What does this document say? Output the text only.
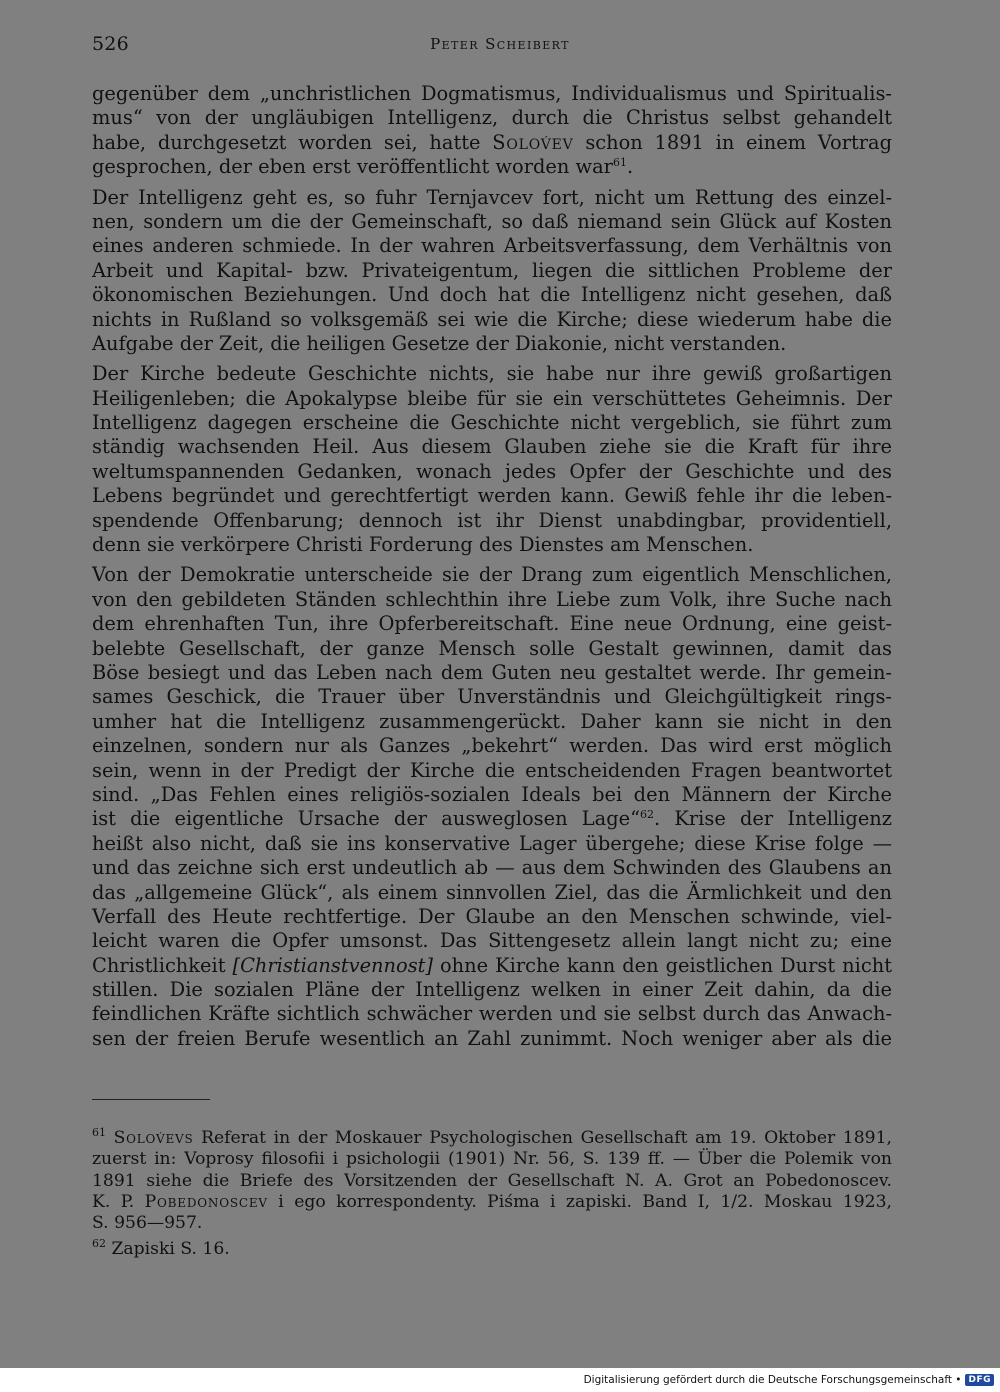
526	Peter Scheibert
gegenüber dem „unchristlichen Dogmatismus, Individualismus und Spiritualis-
mus“ von der ungläubigen Intelligenz, durch die Christus selbst gehandelt
habe, durchgesetzt worden sei, hatte Solov́ev schon 1891 in einem Vortrag
gesprochen, der eben erst veröffentlicht worden war$^{61}$.
Der Intelligenz geht es, so fuhr Ternjavcev fort, nicht um Rettung des einzel-
nen, sondern um die der Gemeinschaft, so daß niemand sein Glück auf Kosten
eines anderen schmiede. In der wahren Arbeitsverfassung, dem Verhältnis von
Arbeit und Kapital- bzw. Privateigentum, liegen die sittlichen Probleme der
ökonomischen Beziehungen. Und doch hat die Intelligenz nicht gesehen, daß
nichts in Rußland so volksgemäß sei wie die Kirche; diese wiederum habe die
Aufgabe der Zeit, die heiligen Gesetze der Diakonie, nicht verstanden.
Der Kirche bedeute Geschichte nichts, sie habe nur ihre gewiß großartigen
Heiligenleben; die Apokalypse bleibe für sie ein verschüttetes Geheimnis. Der
Intelligenz dagegen erscheine die Geschichte nicht vergeblich, sie führt zum
ständig wachsenden Heil. Aus diesem Glauben ziehe sie die Kraft für ihre
weltumspannenden Gedanken, wonach jedes Opfer der Geschichte und des
Lebens begründet und gerechtfertigt werden kann. Gewiß fehle ihr die leben-
spendende Offenbarung; dennoch ist ihr Dienst unabdingbar, providentiell,
denn sie verkörpere Christi Forderung des Dienstes am Menschen.
Von der Demokratie unterscheide sie der Drang zum eigentlich Menschlichen,
von den gebildeten Ständen schlechthin ihre Liebe zum Volk, ihre Suche nach
dem ehrenhaften Tun, ihre Opferbereitschaft. Eine neue Ordnung, eine geist-
belebte Gesellschaft, der ganze Mensch solle Gestalt gewinnen, damit das
Böse besiegt und das Leben nach dem Guten neu gestaltet werde. Ihr gemein-
sames Geschick, die Trauer über Unverständnis und Gleichgültigkeit rings-
umher hat die Intelligenz zusammengerückt. Daher kann sie nicht in den
einzelnen, sondern nur als Ganzes „bekehrt“ werden. Das wird erst möglich
sein, wenn in der Predigt der Kirche die entscheidenden Fragen beantwortet
sind. „Das Fehlen eines religiös-sozialen Ideals bei den Männern der Kirche
ist die eigentliche Ursache der ausweglosen Lage“$^{62}$. Krise der Intelligenz
heißt also nicht, daß sie ins konservative Lager übergehe; diese Krise folge —
und das zeichne sich erst undeutlich ab — aus dem Schwinden des Glaubens an
das „allgemeine Glück“, als einem sinnvollen Ziel, das die Ärmlichkeit und den
Verfall des Heute rechtfertige. Der Glaube an den Menschen schwinde, viel-
leicht waren die Opfer umsonst. Das Sittengesetz allein langt nicht zu; eine
Christlichkeit [Christianstvennost] ohne Kirche kann den geistlichen Durst nicht
stillen. Die sozialen Pläne der Intelligenz welken in einer Zeit dahin, da die
feindlichen Kräfte sichtlich schwächer werden und sie selbst durch das Anwach-
sen der freien Berufe wesentlich an Zahl zunimmt. Noch weniger aber als die
$^{61}$ Solov́evs Referat in der Moskauer Psychologischen Gesellschaft am 19. Oktober 1891,
zuerst in: Voprosy filosofii i psichologii (1901) Nr. 56, S. 139 ff. — Über die Polemik von
1891 siehe die Briefe des Vorsitzenden der Gesellschaft N. A. Grot an Pobedonoscev.
K. P. Pobedonoscev i ego korrespondenty. Piśma i zapiski. Band I, 1/2. Moskau 1923,
S. 956—957.
$^{62}$ Zapiski S. 16.
Digitalisierung gefördert durch die Deutsche Forschungsgemeinschaft • DFG
